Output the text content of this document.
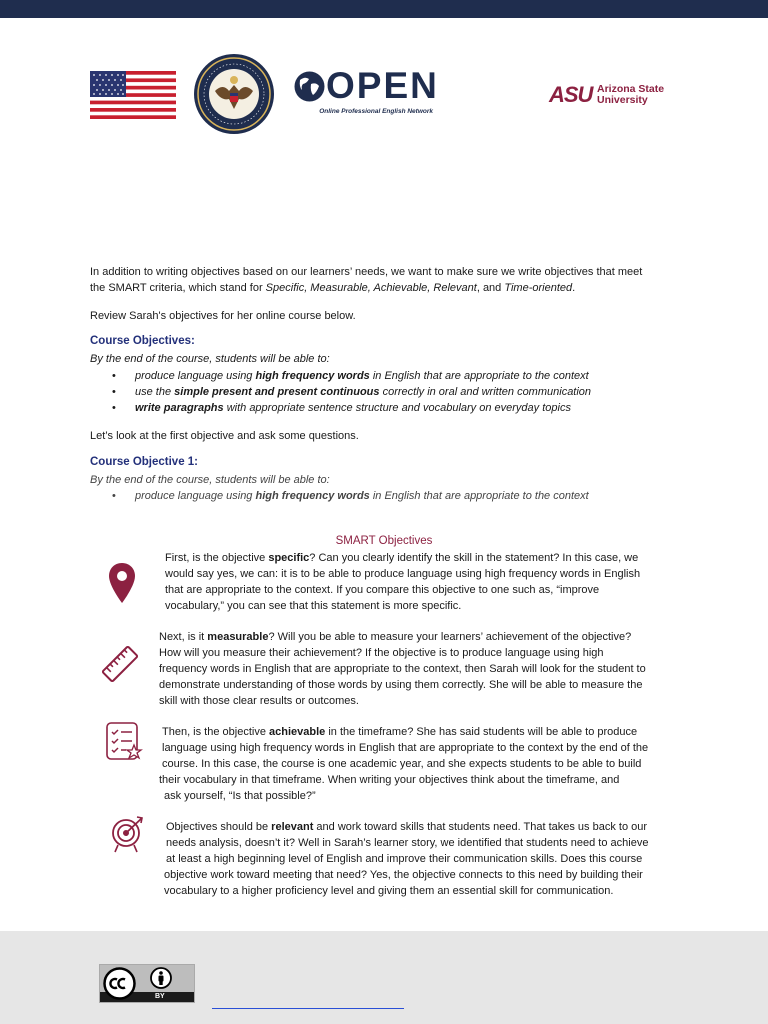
OPEN
Online Professional English Network
ASU Arizona State
University
In addition to writing objectives based on our learners’ needs, we want to make sure we write objectives that meet
the SMART criteria, which stand for Specific, Measurable, Achievable, Relevant, and Time-oriented.
Review Sarah's objectives for her online course below.
Course Objectives:
By the end of the course, students will be able to:
• produce language using high frequency words in English that are appropriate to the context
• use the simple present and present continuous correctly in oral and written communication
• write paragraphs with appropriate sentence structure and vocabulary on everyday topics
Let’s look at the first objective and ask some questions.
Course Objective 1:
By the end of the course, students will be able to:
• produce language using high frequency words in English that are appropriate to the context
SMART Objectives
First, is the objective specific? Can you clearly identify the skill in the statement? In this case, we
would say yes, we can: it is to be able to produce language using high frequency words in English
that are appropriate to the context. If you compare this objective to one such as, “improve
vocabulary,” you can see that this statement is more specific.
Next, is it measurable? Will you be able to measure your learners’ achievement of the objective?
How will you measure their achievement? If the objective is to produce language using high
frequency words in English that are appropriate to the context, then Sarah will look for the student to
demonstrate understanding of those words by using them correctly. She will be able to measure the
skill with those clear results or outcomes.
Then, is the objective achievable in the timeframe? She has said students will be able to produce
language using high frequency words in English that are appropriate to the context by the end of the
course. In this case, the course is one academic year, and she expects students to be able to build
their vocabulary in that timeframe. When writing your objectives think about the timeframe, and
ask yourself, “Is that possible?”
Objectives should be relevant and work toward skills that students need. That takes us back to our
needs analysis, doesn’t it? Well in Sarah’s learner story, we identified that students need to achieve
at least a high beginning level of English and improve their communication skills. Does this course
objective work toward meeting that need? Yes, the objective connects to this need by building their
vocabulary to a higher proficiency level and giving them an essential skill for communication.
BY
